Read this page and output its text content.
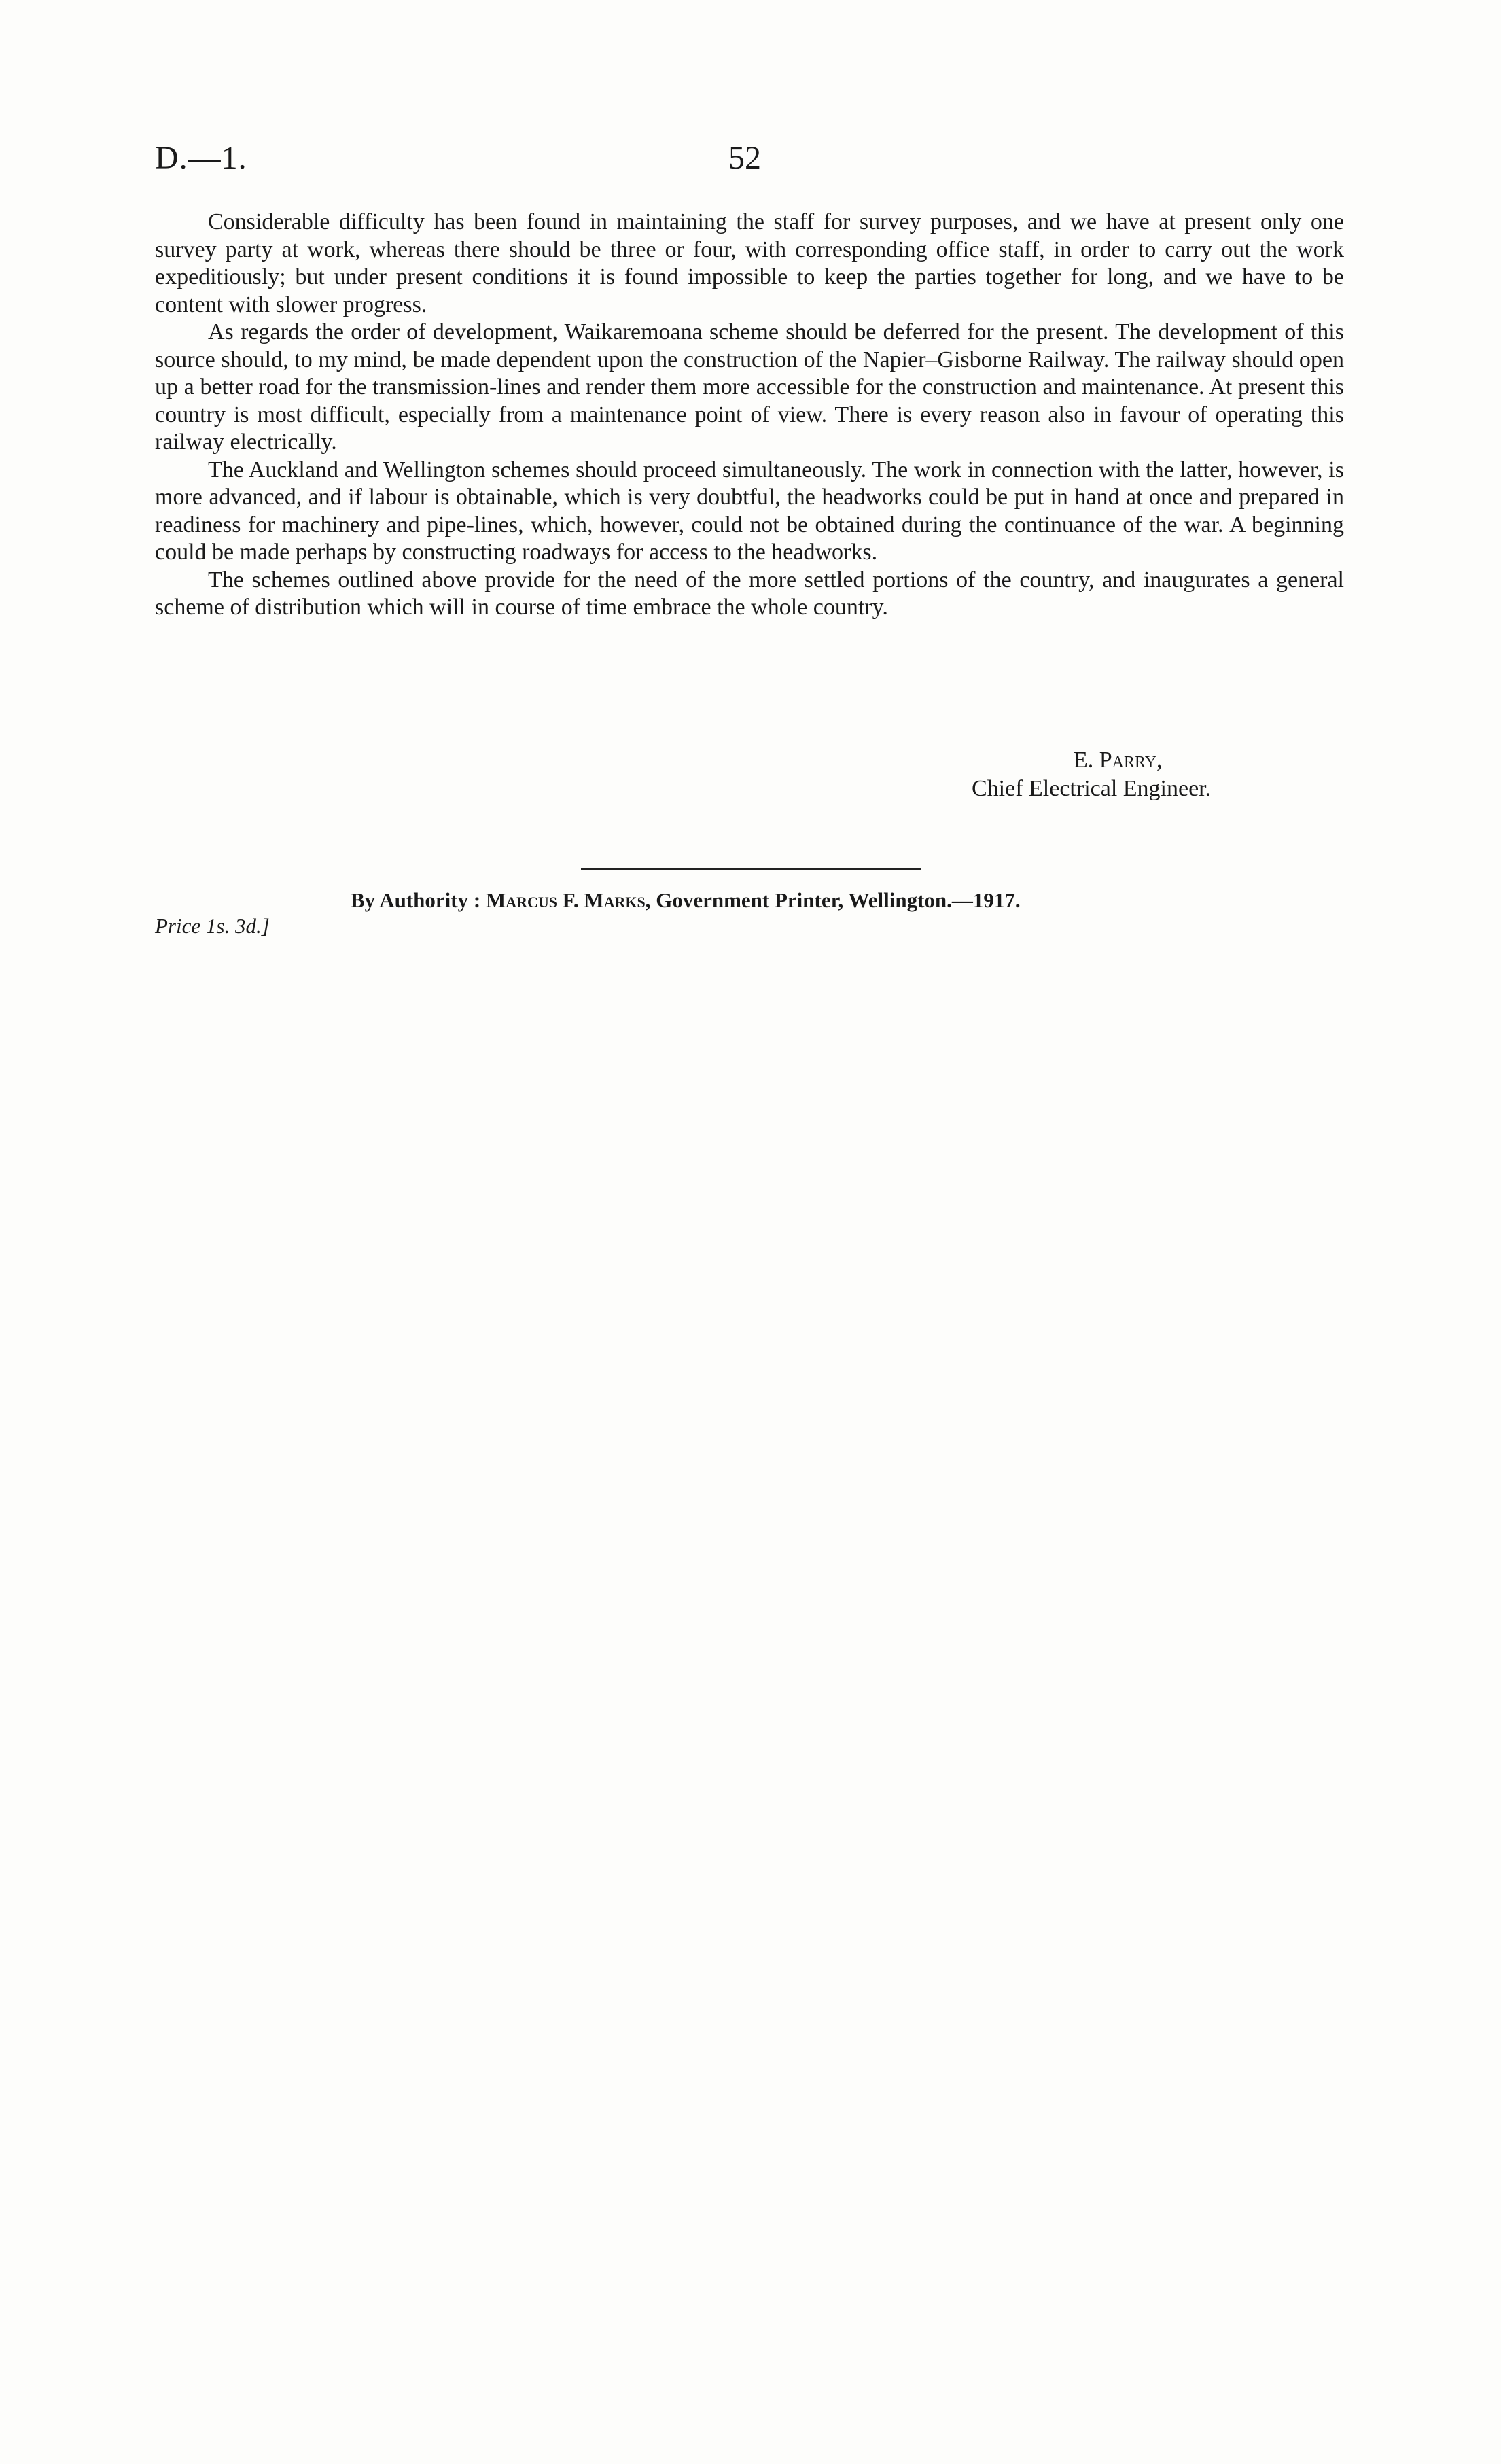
D.—1.	52

Considerable difficulty has been found in maintaining the staff for survey purposes, and we have at present only one survey party at work, whereas there should be three or four, with corresponding office staff, in order to carry out the work expeditiously; but under present conditions it is found impossible to keep the parties together for long, and we have to be content with slower progress.

As regards the order of development, Waikaremoana scheme should be deferred for the present. The development of this source should, to my mind, be made dependent upon the construction of the Napier–Gisborne Railway. The railway should open up a better road for the transmission-lines and render them more accessible for the construction and maintenance. At present this country is most difficult, especially from a maintenance point of view. There is every reason also in favour of operating this railway electrically.

The Auckland and Wellington schemes should proceed simultaneously. The work in connection with the latter, however, is more advanced, and if labour is obtainable, which is very doubtful, the headworks could be put in hand at once and prepared in readiness for machinery and pipe-lines, which, however, could not be obtained during the continuance of the war. A beginning could be made perhaps by constructing roadways for access to the headworks.

The schemes outlined above provide for the need of the more settled portions of the country, and inaugurates a general scheme of distribution which will in course of time embrace the whole country.

E. Parry,
Chief Electrical Engineer.
By Authority : Marcus F. Marks, Government Printer, Wellington.—1917.
Price 1s. 3d.]
